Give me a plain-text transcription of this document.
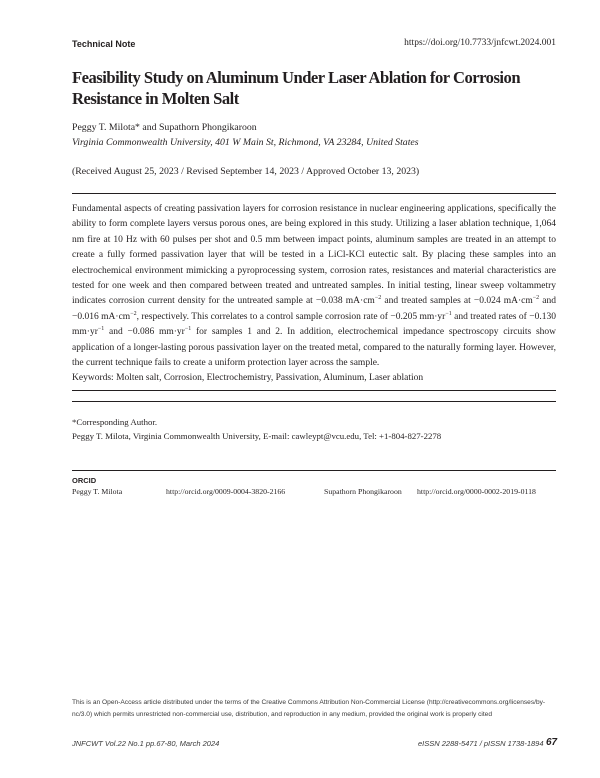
Technical Note	https://doi.org/10.7733/jnfcwt.2024.001
Feasibility Study on Aluminum Under Laser Ablation for Corrosion Resistance in Molten Salt
Peggy T. Milota* and Supathorn Phongikaroon
Virginia Commonwealth University, 401 W Main St, Richmond, VA 23284, United States
(Received August 25, 2023 / Revised September 14, 2023 / Approved October 13, 2023)

Fundamental aspects of creating passivation layers for corrosion resistance in nuclear engineering applications, specifically the ability to form complete layers versus porous ones, are being explored in this study. Utilizing a laser ablation technique, 1,064 nm fire at 10 Hz with 60 pulses per shot and 0.5 mm between impact points, aluminum samples are treated in an attempt to create a fully formed passivation layer that will be tested in a LiCl-KCl eutectic salt. By placing these samples into an electrochemical environment mimicking a pyroprocessing system, corrosion rates, resistances and material characteristics are tested for one week and then compared between treated and untreated samples. In initial testing, linear sweep voltammetry indicates corrosion current density for the untreated sample at −0.038 $mA\cdot cm^{-2}$ and treated samples at −0.024 $mA\cdot cm^{-2}$ and −0.016 $mA\cdot cm^{-2}$, respectively. This correlates to a control sample corrosion rate of −0.205 $mm\cdot yr^{-1}$ and treated rates of −0.130 $mm\cdot yr^{-1}$ and −0.086 $mm\cdot yr^{-1}$ for samples 1 and 2. In addition, electrochemical impedance spectroscopy circuits show application of a longer-lasting porous passivation layer on the treated metal, compared to the naturally forming layer. However, the current technique fails to create a uniform protection layer across the sample.

Keywords: Molten salt, Corrosion, Electrochemistry, Passivation, Aluminum, Laser ablation

*Corresponding Author.
Peggy T. Milota, Virginia Commonwealth University, E-mail: cawleypt@vcu.edu, Tel: +1-804-827-2278
ORCID
Peggy T. Milota	http://orcid.org/0009-0004-3820-2166	Supathorn Phongikaroon http://orcid.org/0000-0002-2019-0118
This is an Open-Access article distributed under the terms of the Creative Commons Attribution Non-Commercial License (http://creativecommons.org/licenses/by-nc/3.0) which permits unrestricted non-commercial use, distribution, and reproduction in any medium, provided the original work is properly cited
JNFCWT Vol.22 No.1 pp.67-80, March 2024	eISSN 2288-5471 / pISSN 1738-1894 67
